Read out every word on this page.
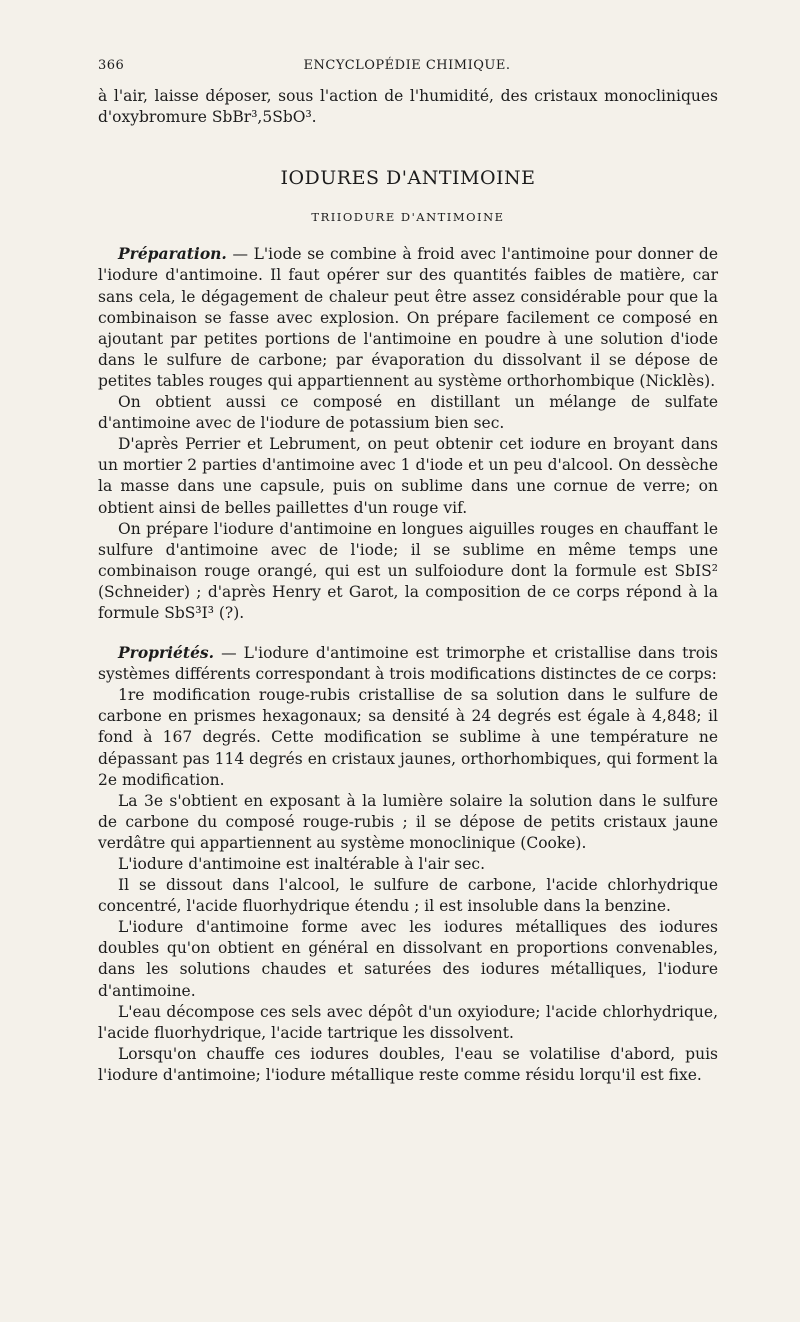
366	ENCYCLOPÉDIE CHIMIQUE.

à l'air, laisse déposer, sous l'action de l'humidité, des cristaux monocliniques d'oxybromure SbBr³,5SbO³.

IODURES D'ANTIMOINE
TRIIODURE D'ANTIMOINE

Préparation. — L'iode se combine à froid avec l'antimoine pour donner de l'iodure d'antimoine. Il faut opérer sur des quantités faibles de matière, car sans cela, le dégagement de chaleur peut être assez considérable pour que la combinaison se fasse avec explosion. On prépare facilement ce composé en ajoutant par petites portions de l'antimoine en poudre à une solution d'iode dans le sulfure de carbone; par évaporation du dissolvant il se dépose de petites tables rouges qui appartiennent au système orthorhombique (Nicklès).

On obtient aussi ce composé en distillant un mélange de sulfate d'antimoine avec de l'iodure de potassium bien sec.

D'après Perrier et Lebrument, on peut obtenir cet iodure en broyant dans un mortier 2 parties d'antimoine avec 1 d'iode et un peu d'alcool. On dessèche la masse dans une capsule, puis on sublime dans une cornue de verre; on obtient ainsi de belles paillettes d'un rouge vif.

On prépare l'iodure d'antimoine en longues aiguilles rouges en chauffant le sulfure d'antimoine avec de l'iode; il se sublime en même temps une combinaison rouge orangé, qui est un sulfoiodure dont la formule est SbIS² (Schneider) ; d'après Henry et Garot, la composition de ce corps répond à la formule SbS³I³ (?).

Propriétés. — L'iodure d'antimoine est trimorphe et cristallise dans trois systèmes différents correspondant à trois modifications distinctes de ce corps:

1re modification rouge-rubis cristallise de sa solution dans le sulfure de carbone en prismes hexagonaux; sa densité à 24 degrés est égale à 4,848; il fond à 167 degrés. Cette modification se sublime à une température ne dépassant pas 114 degrés en cristaux jaunes, orthorhombiques, qui forment la 2e modification.

La 3e s'obtient en exposant à la lumière solaire la solution dans le sulfure de carbone du composé rouge-rubis ; il se dépose de petits cristaux jaune verdâtre qui appartiennent au système monoclinique (Cooke).

L'iodure d'antimoine est inaltérable à l'air sec.

Il se dissout dans l'alcool, le sulfure de carbone, l'acide chlorhydrique concentré, l'acide fluorhydrique étendu ; il est insoluble dans la benzine.

L'iodure d'antimoine forme avec les iodures métalliques des iodures doubles qu'on obtient en général en dissolvant en proportions convenables, dans les solutions chaudes et saturées des iodures métalliques, l'iodure d'antimoine.

L'eau décompose ces sels avec dépôt d'un oxyiodure; l'acide chlorhydrique, l'acide fluorhydrique, l'acide tartrique les dissolvent.

Lorsqu'on chauffe ces iodures doubles, l'eau se volatilise d'abord, puis l'iodure d'antimoine; l'iodure métallique reste comme résidu lorqu'il est fixe.
